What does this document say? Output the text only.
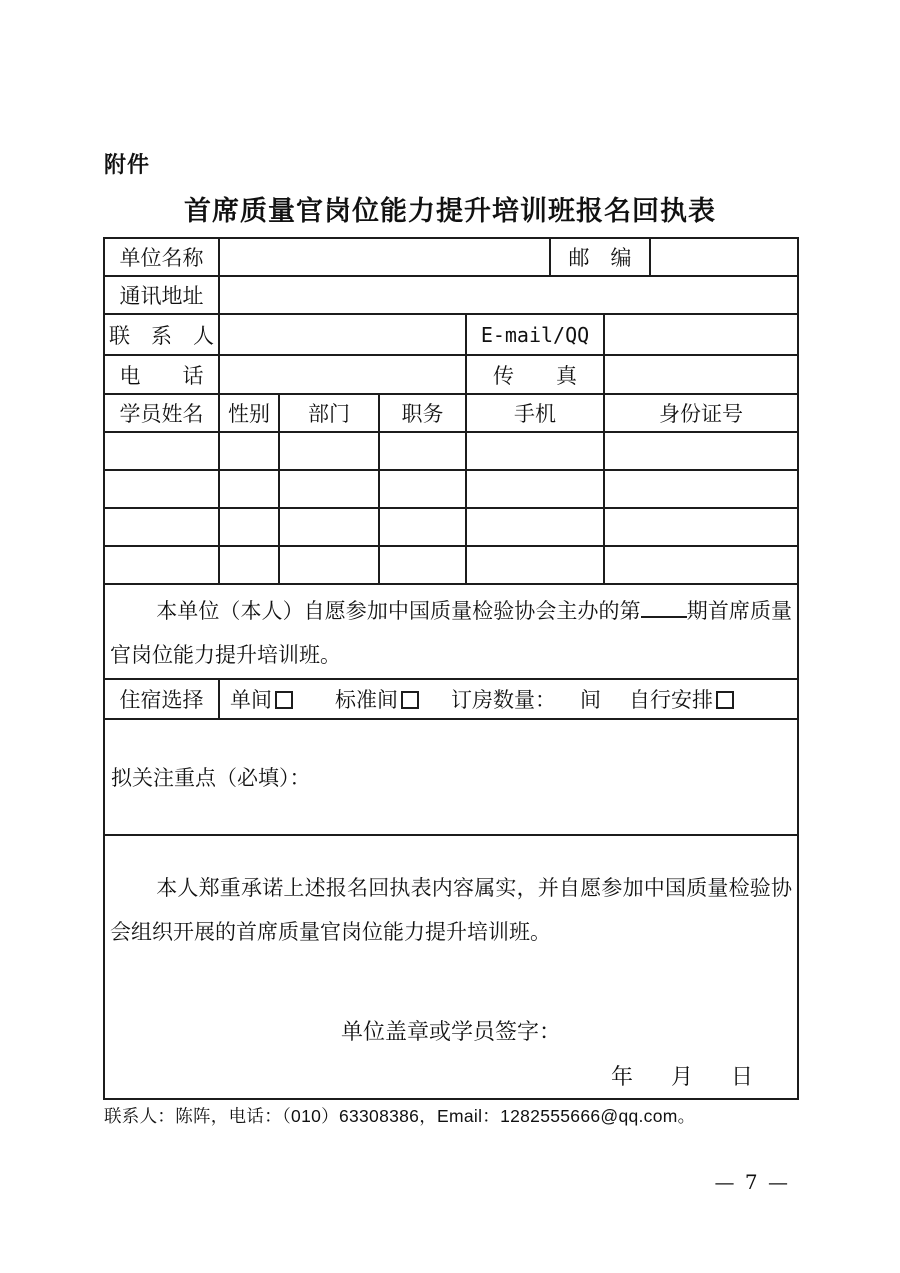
附件
首席质量官岗位能力提升培训班报名回执表
单位名称					邮　编		
通讯地址							
联　系　人				E-mail/QQ			
电　　话				传　　真			
学员姓名	性别	部门	职务	手机		身份证号	

本单位（本人）自愿参加中国质量检验协会主办的第 期首席质量官岗位能力提升培训班。							

住宿选择	单间 标准间 订房数量： 间 自行安排						

拟关注重点（必填）：							

本人郑重承诺上述报名回执表内容属实，并自愿参加中国质量检验协会组织开展的首席质量官岗位能力提升培训班。

单位盖章或学员签字：
年 月 日							
联系人：陈阵，电话：（010）63308386，Email：1282555666@qq.com。
— 7 —
